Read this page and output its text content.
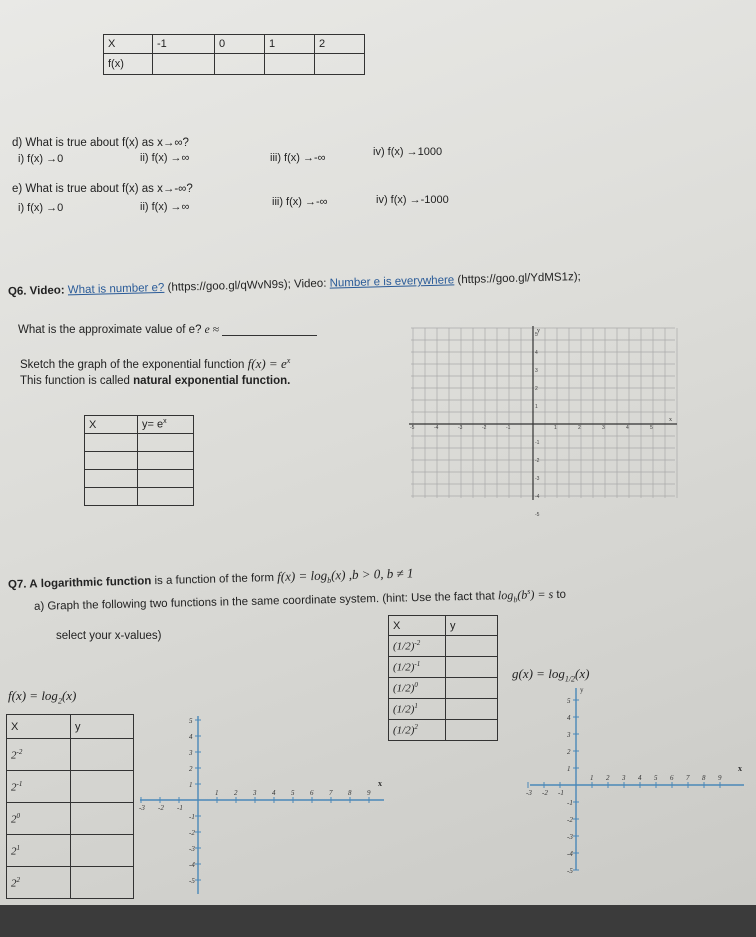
X	-1	0	1	2
f(x)				
d) What is true about f(x) as x→∞?
i) f(x) →0	ii) f(x) →∞	iii) f(x) →-∞	iv) f(x) →1000
e) What is true about f(x) as x→-∞?
i) f(x) →0	ii) f(x) →∞	iii) f(x) →-∞	iv) f(x) →-1000
Q6. Video: What is number e? (https://goo.gl/qWvN9s); Video: Number e is everywhere (https://goo.gl/YdMS1z);
What is the approximate value of e? e ≈
Sketch the graph of the exponential function $f(x) = e^x$
This function is called natural exponential function.
X	$y= e^x$

-5	-4	-3	-2	-1	1	2	3	4	5
5
4
3
2
1
-1
-2
-3
-4
-5
x
y
Q7. A logarithmic function is a function of the form $f(x) = \log_b(x) ,b > 0$, b ≠ 1
a) Graph the following two functions in the same coordinate system. (hint: Use the fact that $\log_b(b^s) = s$ to
select your x-values)
X	y
$(1/2)^{-2}$	
$(1/2)^{-1}$	
$(1/2)^0$	
$(1/2)^1$	
$(1/2)^2$	
$g(x) = \log_{1/2}(x)$
$f(x) = \log_2(x)$
X	y
$2^{-2}$	
$2^{-1}$	
$2^0$	
$2^1$	
$2^2$	
-3 -2 -1
1 2 3 4 5 6 7 8 9
5
4
3
2
1
-1
-2
-3
-4
-5
x
-3 -2 -1
1 2 3 4 5 6 7 8 9
5
4
3
2
1
-1
-2
-3
-4
-5
x
y
